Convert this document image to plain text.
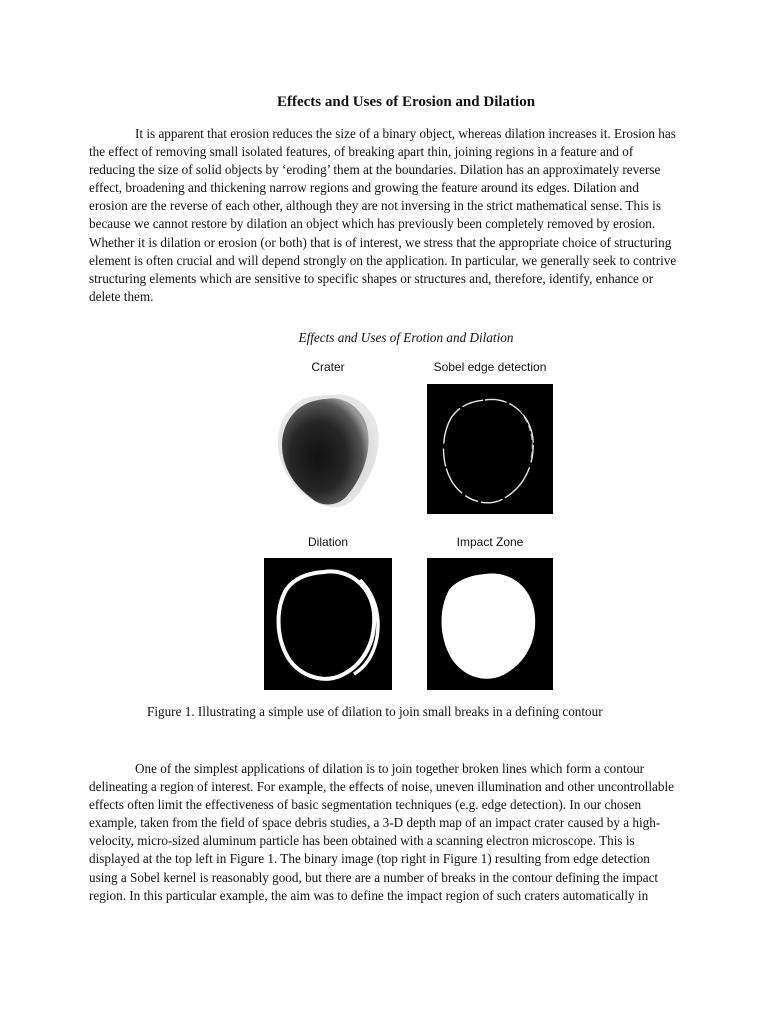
Effects and Uses of Erosion and Dilation

It is apparent that erosion reduces the size of a binary object, whereas dilation increases it. Erosion has the effect of removing small isolated features, of breaking apart thin, joining regions in a feature and of reducing the size of solid objects by ‘eroding’ them at the boundaries. Dilation has an approximately reverse effect, broadening and thickening narrow regions and growing the feature around its edges. Dilation and erosion are the reverse of each other, although they are not inversing in the strict mathematical sense. This is because we cannot restore by dilation an object which has previously been completely removed by erosion. Whether it is dilation or erosion (or both) that is of interest, we stress that the appropriate choice of structuring element is often crucial and will depend strongly on the application. In particular, we generally seek to contrive structuring elements which are sensitive to specific shapes or structures and, therefore, identify, enhance or delete them.

Effects and Uses of Erotion and Dilation
Crater	Sobel edge detection
Dilation	Impact Zone
Figure 1. Illustrating a simple use of dilation to join small breaks in a defining contour

One of the simplest applications of dilation is to join together broken lines which form a contour delineating a region of interest. For example, the effects of noise, uneven illumination and other uncontrollable effects often limit the effectiveness of basic segmentation techniques (e.g. edge detection). In our chosen example, taken from the field of space debris studies, a 3-D depth map of an impact crater caused by a high-velocity, micro-sized aluminum particle has been obtained with a scanning electron microscope. This is displayed at the top left in Figure 1. The binary image (top right in Figure 1) resulting from edge detection using a Sobel kernel is reasonably good, but there are a number of breaks in the contour defining the impact region. In this particular example, the aim was to define the impact region of such craters automatically in
